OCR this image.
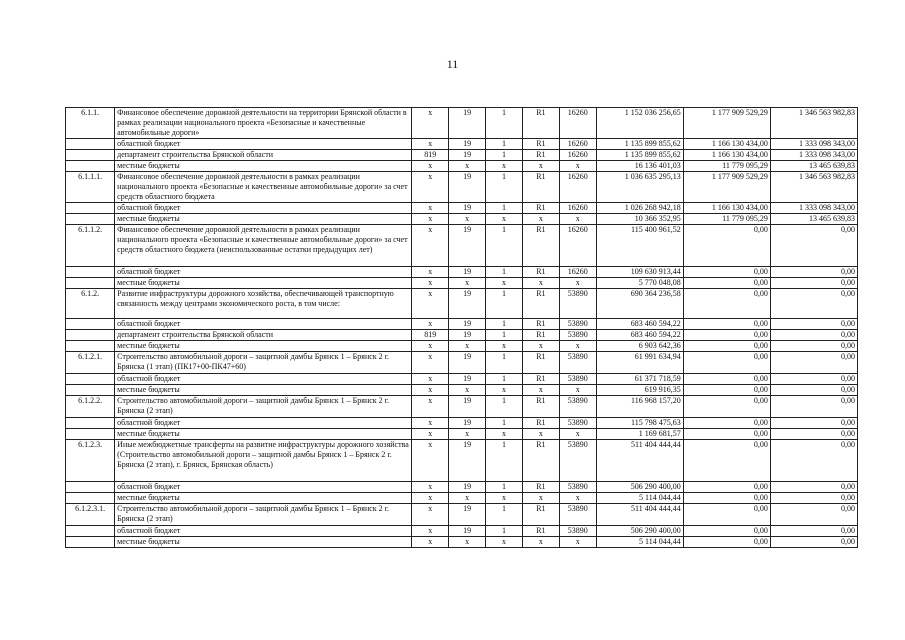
11
6.1.1.	Финансовое обеспечение дорожной деятельности на территории Брянской области в рамках реализации национального проекта «Безопасные и качественные автомобильные дороги»	х	19	1	R1	16260	1 152 036 256,65	1 177 909 529,29	1 346 563 982,83
	областной бюджет	х	19	1	R1	16260	1 135 899 855,62	1 166 130 434,00	1 333 098 343,00
	департамент строительства Брянской области	819	19	1	R1	16260	1 135 899 855,62	1 166 130 434,00	1 333 098 343,00
	местные бюджеты	х	х	х	х	х	16 136 401,03	11 779 095,29	13 465 639,83
6.1.1.1.	Финансовое обеспечение дорожной деятельности в рамках реализации национального проекта «Безопасные и качественные автомобильные дороги» за счет средств областного бюджета	х	19	1	R1	16260	1 036 635 295,13	1 177 909 529,29	1 346 563 982,83
	областной бюджет	х	19	1	R1	16260	1 026 268 942,18	1 166 130 434,00	1 333 098 343,00
	местные бюджеты	х	х	х	х	х	10 366 352,95	11 779 095,29	13 465 639,83
6.1.1.2.	Финансовое обеспечение дорожной деятельности в рамках реализации национального проекта «Безопасные и качественные автомобильные дороги» за счет средств областного бюджета (неиспользованные остатки предыдущих лет)	х	19	1	R1	16260	115 400 961,52	0,00	0,00
	областной бюджет	х	19	1	R1	16260	109 630 913,44	0,00	0,00
	местные бюджеты	х	х	х	х	х	5 770 048,08	0,00	0,00
6.1.2.	Развитие инфраструктуры дорожного хозяйства, обеспечивающей транспортную связанность между центрами экономического роста, в том числе:	х	19	1	R1	53890	690 364 236,58	0,00	0,00
	областной бюджет	х	19	1	R1	53890	683 460 594,22	0,00	0,00
	департамент строительства Брянской области	819	19	1	R1	53890	683 460 594,22	0,00	0,00
	местные бюджеты	х	х	х	х	х	6 903 642,36	0,00	0,00
6.1.2.1.	Строительство автомобильной дороги – защитной дамбы Брянск 1 – Брянск 2 г. Брянска (1 этап) (ПК17+00-ПК47+60)	х	19	1	R1	53890	61 991 634,94	0,00	0,00
	областной бюджет	х	19	1	R1	53890	61 371 718,59	0,00	0,00
	местные бюджеты	х	х	х	х	х	619 916,35	0,00	0,00
6.1.2.2.	Строительство автомобильной дороги – защитной дамбы Брянск 1 – Брянск 2 г. Брянска (2 этап)	х	19	1	R1	53890	116 968 157,20	0,00	0,00
	областной бюджет	х	19	1	R1	53890	115 798 475,63	0,00	0,00
	местные бюджеты	х	х	х	х	х	1 169 681,57	0,00	0,00
6.1.2.3.	Иные межбюджетные трансферты на развитие инфраструктуры дорожного хозяйства (Строительство автомобильной дороги – защитной дамбы Брянск 1 – Брянск 2 г. Брянска (2 этап), г. Брянск, Брянская область)	х	19	1	R1	53890	511 404 444,44	0,00	0,00
	областной бюджет	х	19	1	R1	53890	506 290 400,00	0,00	0,00
	местные бюджеты	х	х	х	х	х	5 114 044,44	0,00	0,00
6.1.2.3.1.	Строительство автомобильной дороги – защитной дамбы Брянск 1 – Брянск 2 г. Брянска (2 этап)	х	19	1	R1	53890	511 404 444,44	0,00	0,00
	областной бюджет	х	19	1	R1	53890	506 290 400,00	0,00	0,00
	местные бюджеты	х	х	х	х	х	5 114 044,44	0,00	0,00
